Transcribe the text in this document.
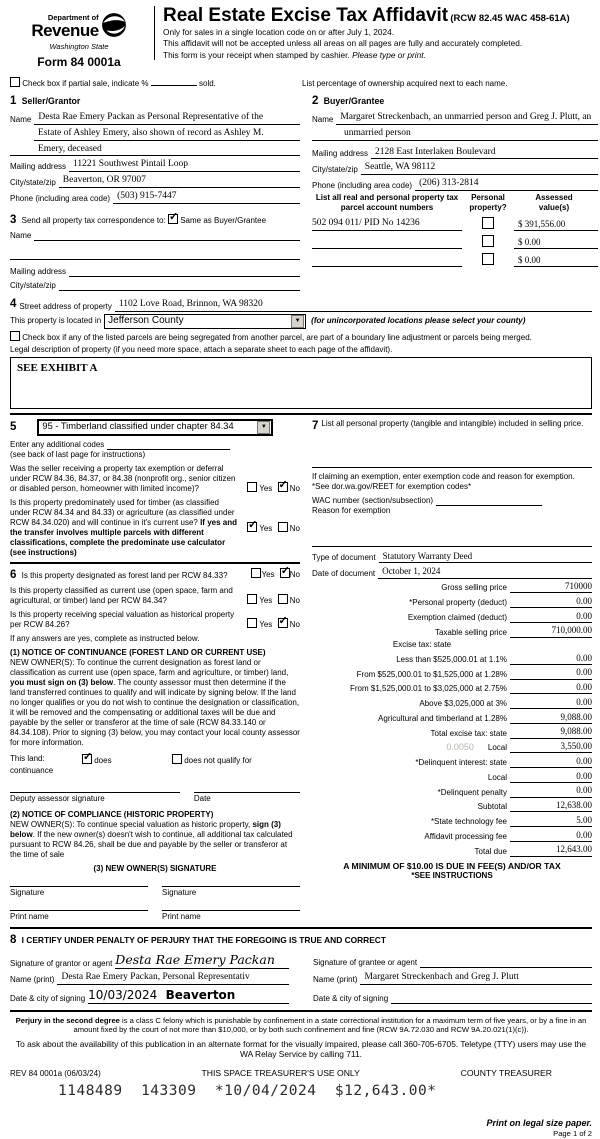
Department of
Revenue
Washington State
Form 84 0001a
Real Estate Excise Tax Affidavit (RCW 82.45 WAC 458-61A)
Only for sales in a single location code on or after July 1, 2024.
This affidavit will not be accepted unless all areas on all pages are fully and accurately completed.
This form is your receipt when stamped by cashier. Please type or print.
Check box if partial sale, indicate %	sold.	List percentage of ownership acquired next to each name.
1 Seller/Grantor
Name Desta Rae Emery Packan as Personal Representative of the
Estate of Ashley Emery, also shown of record as Ashley M.
Emery, deceased
Mailing address 11221 Southwest Pintail Loop
City/state/zip Beaverton, OR 97007
Phone (including area code) (503) 915-7447
3 Send all property tax correspondence to: ✓ Same as Buyer/Grantee
Name
Mailing address
City/state/zip
2 Buyer/Grantee
Name Margaret Streckenbach, an unmarried person and Greg J. Plutt, an
unmarried person
Mailing address 2128 East Interlaken Boulevard
City/state/zip Seattle, WA 98112
Phone (including area code) (206) 313-2814
List all real and personal property tax
parcel account numbers
Personal
property?
Assessed
value(s)
502 094 011/ PID No 14236	$ 391,556.00
$ 0.00
$ 0.00
4 Street address of property 1102 Love Road, Brinnon, WA 98320
This property is located in Jefferson County	▼	(for unincorporated locations please select your county)
Check box if any of the listed parcels are being segregated from another parcel, are part of a boundary line adjustment or parcels being merged.
Legal description of property (if you need more space, attach a separate sheet to each page of the affidavit).
SEE EXHIBIT A
5	95 - Timberland classified under chapter 84.34	▼
Enter any additional codes
(see back of last page for instructions)
Was the seller receiving a property tax exemption or deferral under RCW 84.36, 84.37, or 84.38 (nonprofit org., senior citizen or disabled person, homeowner with limited income)?	Yes ✓ No
Is this property predominately used for timber (as classified under RCW 84.34 and 84.33) or agriculture (as classified under RCW 84.34.020) and will continue in it's current use? If yes and the transfer involves multiple parcels with different classifications, complete the predominate use calculator (see instructions)
✓ Yes No
6 Is this property designated as forest land per RCW 84.33?	Yes ✓ No
Is this property classified as current use (open space, farm and agricultural, or timber) land per RCW 84.34?	Yes No
Is this property receiving special valuation as historical property per RCW 84.26?	Yes ✓ No
If any answers are yes, complete as instructed below.
(1) NOTICE OF CONTINUANCE (FOREST LAND OR CURRENT USE)
NEW OWNER(S): To continue the current designation as forest land or classification as current use (open space, farm and agriculture, or timber) land, you must sign on (3) below. The county assessor must then determine if the land transferred continues to qualify and will indicate by signing below. If the land no longer qualifies or you do not wish to continue the designation or classification, it will be removed and the compensating or additional taxes will be due and payable by the seller or transferor at the time of sale (RCW 84.33.140 or 84.34.108). Prior to signing (3) below, you may contact your local county assessor for more information.
This land: ✓	does	does not qualify for
continuance
Deputy assessor signature	Date
(2) NOTICE OF COMPLIANCE (HISTORIC PROPERTY)
NEW OWNER(S): To continue special valuation as historic property, sign (3) below. If the new owner(s) doesn't wish to continue, all additional tax calculated pursuant to RCW 84.26, shall be due and payable by the seller or transferor at the time of sale
(3) NEW OWNER(S) SIGNATURE
Signature	Signature
Print name	Print name
7 List all personal property (tangible and intangible) included in selling price.
If claiming an exemption, enter exemption code and reason for exemption. *See dor.wa.gov/REET for exemption codes*
WAC number (section/subsection)
Reason for exemption
Type of document Statutory Warranty Deed
Date of document October 1, 2024
Gross selling price	710000
*Personal property (deduct)	0.00
Exemption claimed (deduct)	0.00
Taxable selling price	710,000.00
Excise tax: state
Less than $525,000.01 at 1.1%	0.00
From $525,000.01 to $1,525,000 at 1.28%	0.00
From $1,525,000.01 to $3,025,000 at 2.75%	0.00
Above $3,025,000 at 3%	0.00
Agricultural and timberland at 1.28%	9,088.00
Total excise tax: state	9,088.00
0.0050 Local	3,550.00
*Delinquent interest: state	0.00
Local	0.00
*Delinquent penalty	0.00
Subtotal	12,638.00
*State technology fee	5.00
Affidavit processing fee	0.00
Total due	12,643.00
A MINIMUM OF $10.00 IS DUE IN FEE(S) AND/OR TAX
*SEE INSTRUCTIONS
8 I CERTIFY UNDER PENALTY OF PERJURY THAT THE FOREGOING IS TRUE AND CORRECT
Signature of grantor or agent Desta Rae Emery Packan
Name (print) Desta Rae Emery Packan, Personal Representativ
Date & city of signing 10/03/2024 Beaverton
Signature of grantee or agent
Name (print) Margaret Streckenbach and Greg J. Plutt
Date & city of signing
Perjury in the second degree is a class C felony which is punishable by confinement in a state correctional institution for a maximum term of five years, or by a fine in an amount fixed by the court of not more than $10,000, or by both such confinement and fine (RCW 9A.72.030 and RCW 9A.20.021(1)(c)).
To ask about the availability of this publication in an alternate format for the visually impaired, please call 360-705-6705. Teletype (TTY) users may use the WA Relay Service by calling 711.
REV 84 0001a (06/03/24)	THIS SPACE TREASURER'S USE ONLY	COUNTY TREASURER
1148489  143309  *10/04/2024  $12,643.00*
Print on legal size paper.
Page 1 of 2
